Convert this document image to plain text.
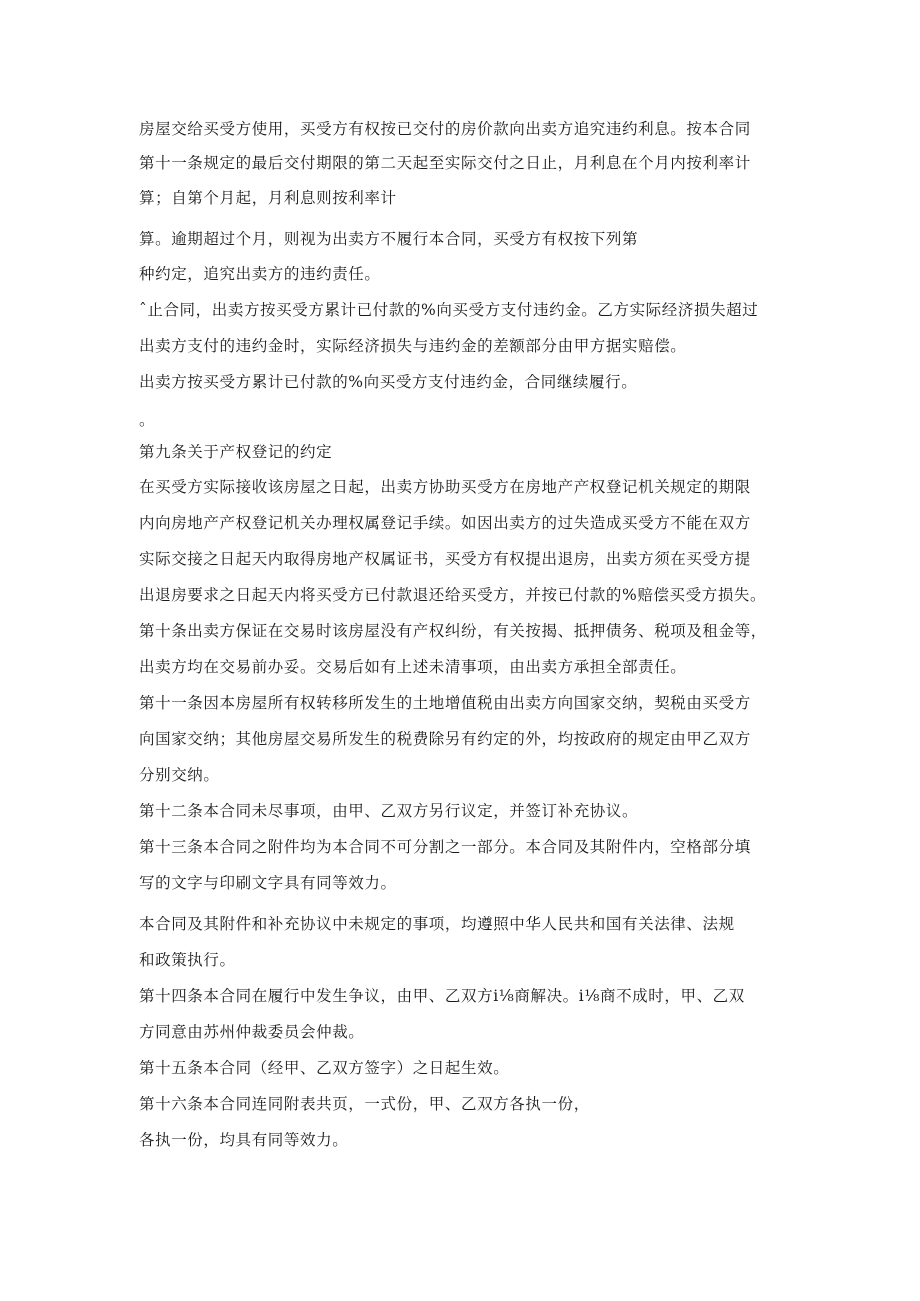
房屋交给买受方使用，买受方有权按已交付的房价款向出卖方追究违约利息。按本合同
第十一条规定的最后交付期限的第二天起至实际交付之日止，月利息在个月内按利率计
算；自第个月起，月利息则按利率计
算。逾期超过个月，则视为出卖方不履行本合同，买受方有权按下列第
种约定，追究出卖方的违约责任。
ˆ止合同，出卖方按买受方累计已付款的%向买受方支付违约金。乙方实际经济损失超过
出卖方支付的违约金时，实际经济损失与违约金的差额部分由甲方据实赔偿。
出卖方按买受方累计已付款的%向买受方支付违约金，合同继续履行。
。
第九条关于产权登记的约定
在买受方实际接收该房屋之日起，出卖方协助买受方在房地产产权登记机关规定的期限
内向房地产产权登记机关办理权属登记手续。如因出卖方的过失造成买受方不能在双方
实际交接之日起天内取得房地产权属证书，买受方有权提出退房，出卖方须在买受方提
出退房要求之日起天内将买受方已付款退还给买受方，并按已付款的%赔偿买受方损失。
第十条出卖方保证在交易时该房屋没有产权纠纷，有关按揭、抵押债务、税项及租金等，
出卖方均在交易前办妥。交易后如有上述未清事项，由出卖方承担全部责任。
第十一条因本房屋所有权转移所发生的土地增值税由出卖方向国家交纳，契税由买受方
向国家交纳；其他房屋交易所发生的税费除另有约定的外，均按政府的规定由甲乙双方
分别交纳。
第十二条本合同未尽事项，由甲、乙双方另行议定，并签订补充协议。
第十三条本合同之附件均为本合同不可分割之一部分。本合同及其附件内，空格部分填
写的文字与印刷文字具有同等效力。
本合同及其附件和补充协议中未规定的事项，均遵照中华人民共和国有关法律、法规
和政策执行。
第十四条本合同在履行中发生争议，由甲、乙双方i⅛商解决。i⅛商不成时，甲、乙双
方同意由苏州仲裁委员会仲裁。
第十五条本合同（经甲、乙双方签字）之日起生效。
第十六条本合同连同附表共页，一式份，甲、乙双方各执一份，
各执一份，均具有同等效力。
